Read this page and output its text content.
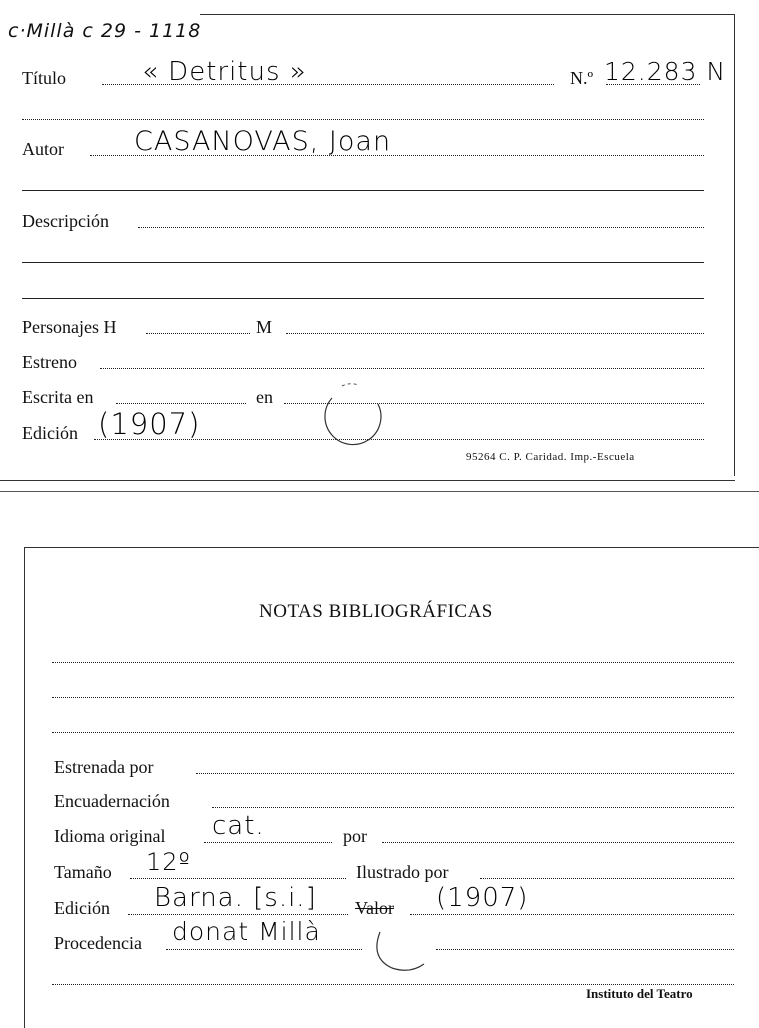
c·Millà c 29 - 1118
Título	« Detritus »	N.º 12.283 N
Autor	CASANOVAS, Joan
Descripción
Personajes H	M
Estreno
Escrita en	en
Edición (1907)
95264 C. P. Caridad. Imp.-Escuela
NOTAS BIBLIOGRÁFICAS
Estrenada por
Encuadernación
Idioma original cat.	por
Tamaño 12º	Ilustrado por
Edición Barna. [s.i.] Valor (1907)
Procedencia donat Millà
Instituto del Teatro
